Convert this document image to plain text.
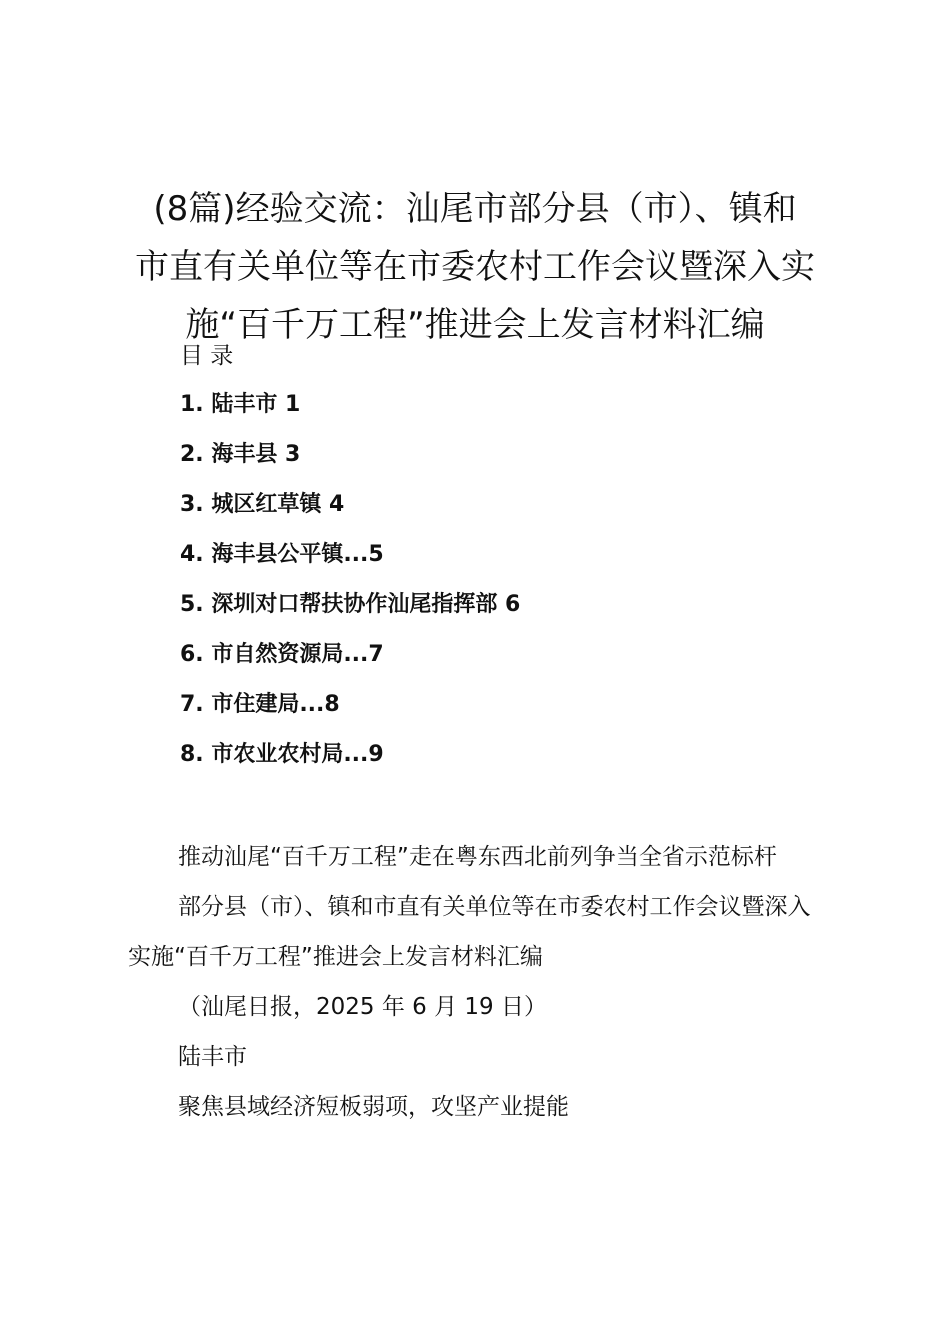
(8篇)经验交流：汕尾市部分县（市）、镇和
市直有关单位等在市委农村工作会议暨深入实
施“百千万工程”推进会上发言材料汇编

目 录

1. 陆丰市 1
2. 海丰县 3
3. 城区红草镇 4
4. 海丰县公平镇...5
5. 深圳对口帮扶协作汕尾指挥部 6
6. 市自然资源局...7
7. 市住建局...8
8. 市农业农村局...9

推动汕尾“百千万工程”走在粤东西北前列争当全省示范标杆

部分县（市）、镇和市直有关单位等在市委农村工作会议暨深入实施“百千万工程”推进会上发言材料汇编

（汕尾日报，2025 年 6 月 19 日）

陆丰市

聚焦县域经济短板弱项，攻坚产业提能
